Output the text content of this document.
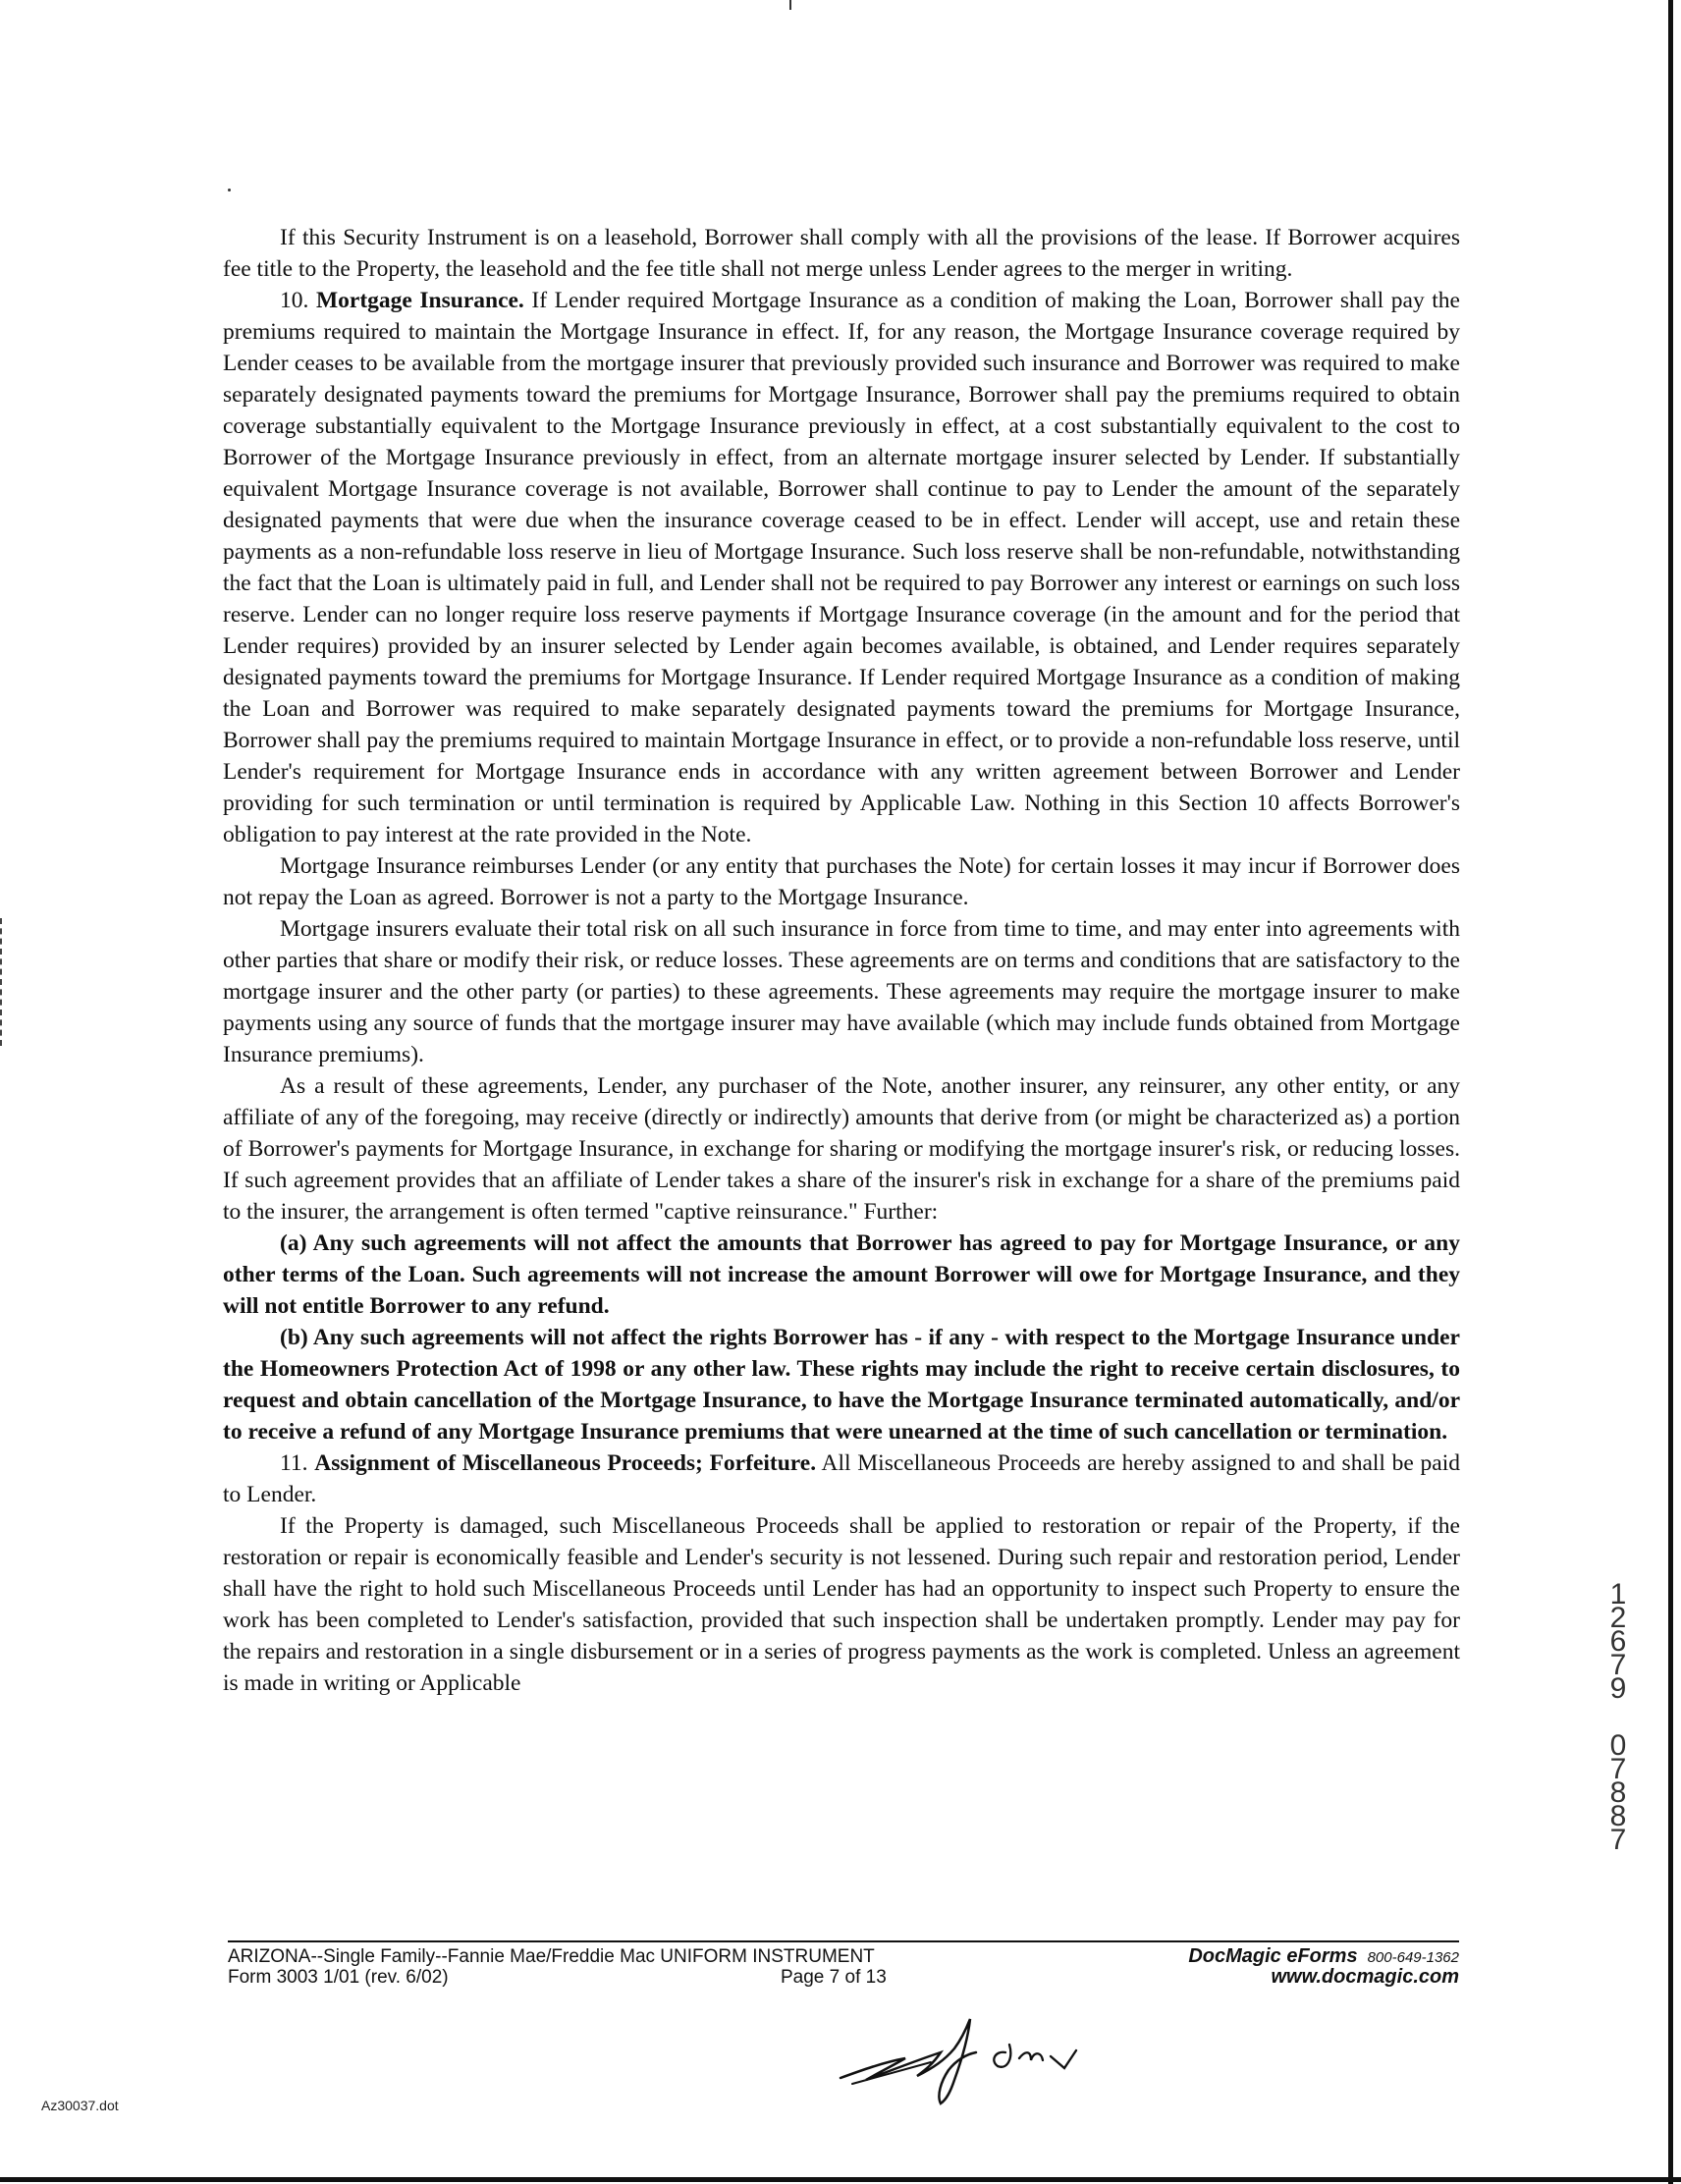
If this Security Instrument is on a leasehold, Borrower shall comply with all the provisions of the lease. If Borrower acquires fee title to the Property, the leasehold and the fee title shall not merge unless Lender agrees to the merger in writing.

10. Mortgage Insurance. If Lender required Mortgage Insurance as a condition of making the Loan, Borrower shall pay the premiums required to maintain the Mortgage Insurance in effect. If, for any reason, the Mortgage Insurance coverage required by Lender ceases to be available from the mortgage insurer that previously provided such insurance and Borrower was required to make separately designated payments toward the premiums for Mortgage Insurance, Borrower shall pay the premiums required to obtain coverage substantially equivalent to the Mortgage Insurance previously in effect, at a cost substantially equivalent to the cost to Borrower of the Mortgage Insurance previously in effect, from an alternate mortgage insurer selected by Lender. If substantially equivalent Mortgage Insurance coverage is not available, Borrower shall continue to pay to Lender the amount of the separately designated payments that were due when the insurance coverage ceased to be in effect. Lender will accept, use and retain these payments as a non-refundable loss reserve in lieu of Mortgage Insurance. Such loss reserve shall be non-refundable, notwithstanding the fact that the Loan is ultimately paid in full, and Lender shall not be required to pay Borrower any interest or earnings on such loss reserve. Lender can no longer require loss reserve payments if Mortgage Insurance coverage (in the amount and for the period that Lender requires) provided by an insurer selected by Lender again becomes available, is obtained, and Lender requires separately designated payments toward the premiums for Mortgage Insurance. If Lender required Mortgage Insurance as a condition of making the Loan and Borrower was required to make separately designated payments toward the premiums for Mortgage Insurance, Borrower shall pay the premiums required to maintain Mortgage Insurance in effect, or to provide a non-refundable loss reserve, until Lender's requirement for Mortgage Insurance ends in accordance with any written agreement between Borrower and Lender providing for such termination or until termination is required by Applicable Law. Nothing in this Section 10 affects Borrower's obligation to pay interest at the rate provided in the Note.

Mortgage Insurance reimburses Lender (or any entity that purchases the Note) for certain losses it may incur if Borrower does not repay the Loan as agreed. Borrower is not a party to the Mortgage Insurance.

Mortgage insurers evaluate their total risk on all such insurance in force from time to time, and may enter into agreements with other parties that share or modify their risk, or reduce losses. These agreements are on terms and conditions that are satisfactory to the mortgage insurer and the other party (or parties) to these agreements. These agreements may require the mortgage insurer to make payments using any source of funds that the mortgage insurer may have available (which may include funds obtained from Mortgage Insurance premiums).

As a result of these agreements, Lender, any purchaser of the Note, another insurer, any reinsurer, any other entity, or any affiliate of any of the foregoing, may receive (directly or indirectly) amounts that derive from (or might be characterized as) a portion of Borrower's payments for Mortgage Insurance, in exchange for sharing or modifying the mortgage insurer's risk, or reducing losses. If such agreement provides that an affiliate of Lender takes a share of the insurer's risk in exchange for a share of the premiums paid to the insurer, the arrangement is often termed "captive reinsurance." Further:

(a) Any such agreements will not affect the amounts that Borrower has agreed to pay for Mortgage Insurance, or any other terms of the Loan. Such agreements will not increase the amount Borrower will owe for Mortgage Insurance, and they will not entitle Borrower to any refund.

(b) Any such agreements will not affect the rights Borrower has - if any - with respect to the Mortgage Insurance under the Homeowners Protection Act of 1998 or any other law. These rights may include the right to receive certain disclosures, to request and obtain cancellation of the Mortgage Insurance, to have the Mortgage Insurance terminated automatically, and/or to receive a refund of any Mortgage Insurance premiums that were unearned at the time of such cancellation or termination.

11. Assignment of Miscellaneous Proceeds; Forfeiture. All Miscellaneous Proceeds are hereby assigned to and shall be paid to Lender.

If the Property is damaged, such Miscellaneous Proceeds shall be applied to restoration or repair of the Property, if the restoration or repair is economically feasible and Lender's security is not lessened. During such repair and restoration period, Lender shall have the right to hold such Miscellaneous Proceeds until Lender has had an opportunity to inspect such Property to ensure the work has been completed to Lender's satisfaction, provided that such inspection shall be undertaken promptly. Lender may pay for the repairs and restoration in a single disbursement or in a series of progress payments as the work is completed. Unless an agreement is made in writing or Applicable

ARIZONA--Single Family--Fannie Mae/Freddie Mac UNIFORM INSTRUMENT	DocMagic eForms 800-649-1362
Form 3003 1/01 (rev. 6/02)	Page 7 of 13	www.docmagic.com
Az30037.dot
1
2
6
7
9
0
7
8
8
7
